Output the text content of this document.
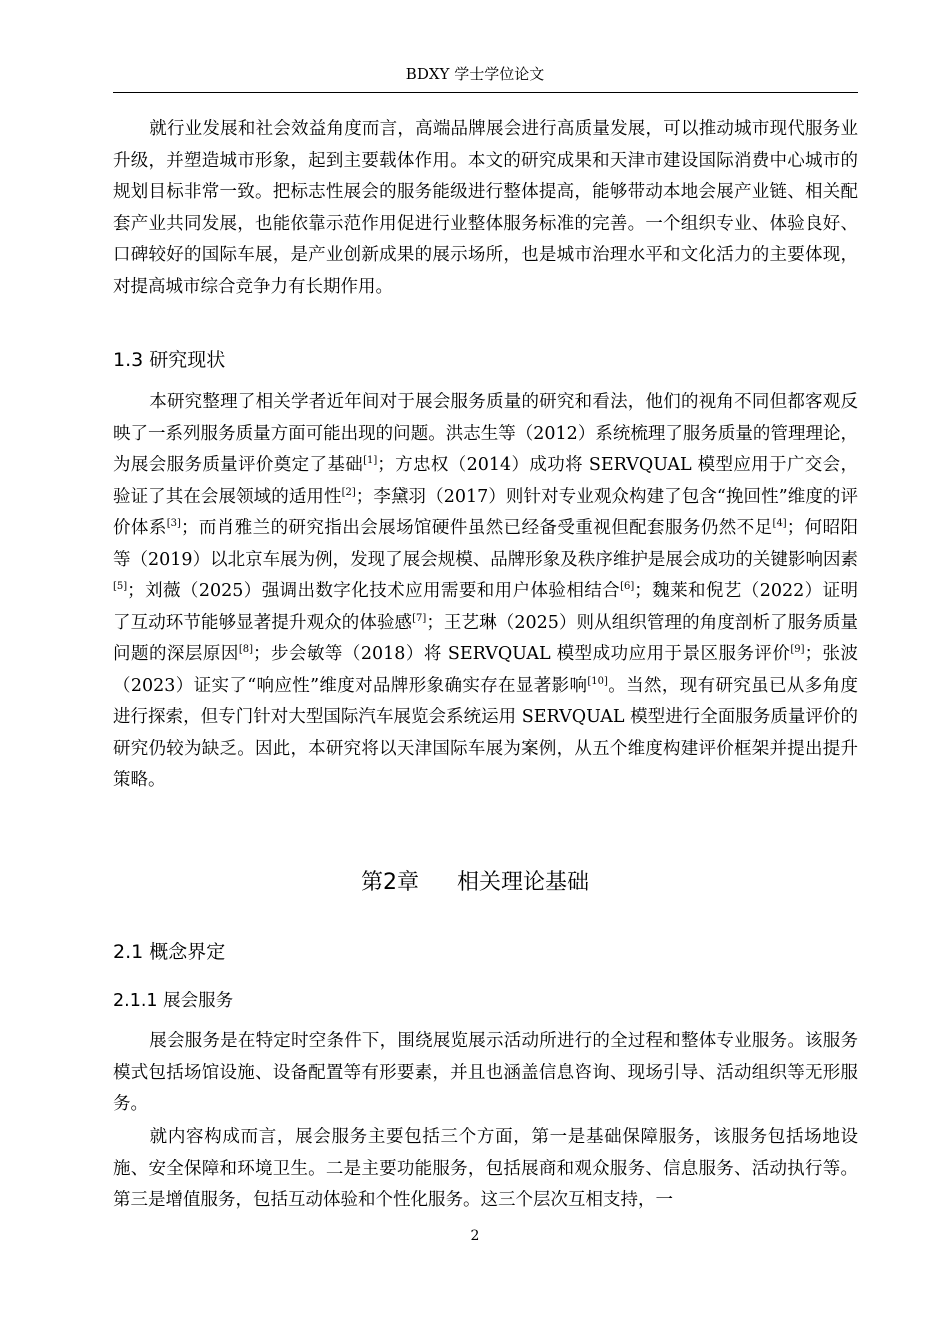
BDXY 学士学位论文

就行业发展和社会效益角度而言，高端品牌展会进行高质量发展，可以推动城市现代服务业升级，并塑造城市形象，起到主要载体作用。本文的研究成果和天津市建设国际消费中心城市的规划目标非常一致。把标志性展会的服务能级进行整体提高，能够带动本地会展产业链、相关配套产业共同发展，也能依靠示范作用促进行业整体服务标准的完善。一个组织专业、体验良好、口碑较好的国际车展，是产业创新成果的展示场所，也是城市治理水平和文化活力的主要体现，对提高城市综合竞争力有长期作用。

1.3 研究现状

本研究整理了相关学者近年间对于展会服务质量的研究和看法，他们的视角不同但都客观反映了一系列服务质量方面可能出现的问题。洪志生等（2012）系统梳理了服务质量的管理理论，为展会服务质量评价奠定了基础[1]；方忠权（2014）成功将 SERVQUAL 模型应用于广交会，验证了其在会展领域的适用性[2]；李黛羽（2017）则针对专业观众构建了包含“挽回性”维度的评价体系[3]；而肖雅兰的研究指出会展场馆硬件虽然已经备受重视但配套服务仍然不足[4]；何昭阳等（2019）以北京车展为例，发现了展会规模、品牌形象及秩序维护是展会成功的关键影响因素[5]；刘薇（2025）强调出数字化技术应用需要和用户体验相结合[6]；魏莱和倪艺（2022）证明了互动环节能够显著提升观众的体验感[7]；王艺琳（2025）则从组织管理的角度剖析了服务质量问题的深层原因[8]；步会敏等（2018）将 SERVQUAL 模型成功应用于景区服务评价[9]；张波（2023）证实了“响应性”维度对品牌形象确实存在显著影响[10]。当然，现有研究虽已从多角度进行探索，但专门针对大型国际汽车展览会系统运用 SERVQUAL 模型进行全面服务质量评价的研究仍较为缺乏。因此，本研究将以天津国际车展为案例，从五个维度构建评价框架并提出提升策略。

第2章 相关理论基础
2.1 概念界定
2.1.1 展会服务

展会服务是在特定时空条件下，围绕展览展示活动所进行的全过程和整体专业服务。该服务模式包括场馆设施、设备配置等有形要素，并且也涵盖信息咨询、现场引导、活动组织等无形服务。

就内容构成而言，展会服务主要包括三个方面，第一是基础保障服务，该服务包括场地设施、安全保障和环境卫生。二是主要功能服务，包括展商和观众服务、信息服务、活动执行等。第三是增值服务，包括互动体验和个性化服务。这三个层次互相支持，一

2
